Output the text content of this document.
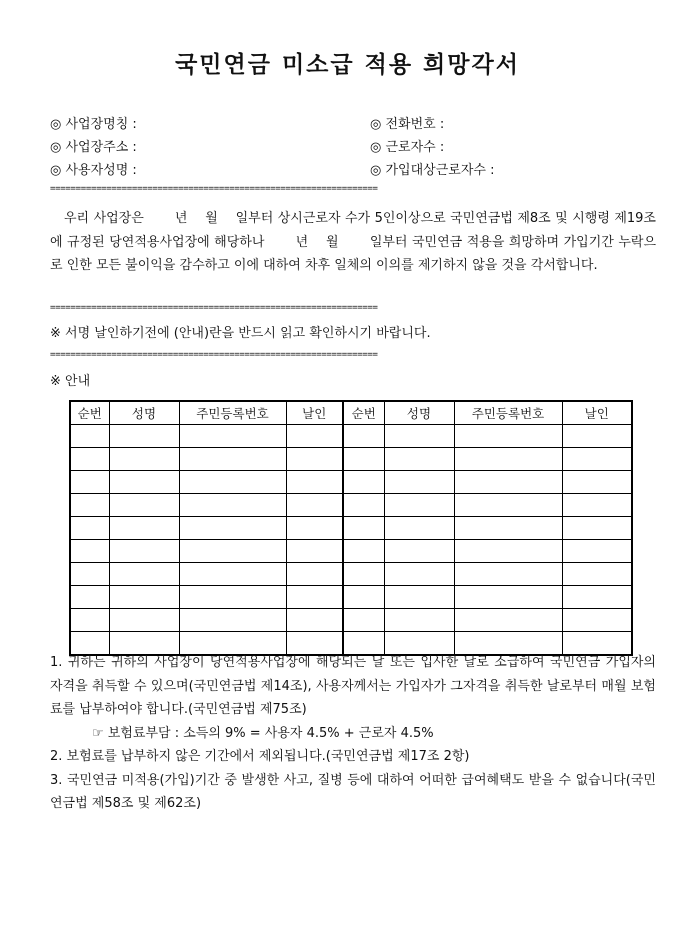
국민연금 미소급 적용 희망각서
◎ 사업장명칭 :	◎ 전화번호 :
◎ 사업장주소 :	◎ 근로자수 :
◎ 사용자성명 :	◎ 가입대상근로자수 :
================================================================
우리 사업장은 　　년 　월 　일부터 상시근로자 수가 5인이상으로 국민연금법 제8조 및 시행령 제19조에 규정된 당연적용사업장에 해당하나 　　년 　월 　　일부터 국민연금 적용을 희망하며 가입기간 누락으로 인한 모든 불이익을 감수하고 이에 대하여 차후 일체의 이의를 제기하지 않을 것을 각서합니다.
================================================================
※ 서명 날인하기전에 (안내)란을 반드시 읽고 확인하시기 바랍니다.
================================================================
※ 안내
순번	성명	주민등록번호	날인	순번	성명	주민등록번호	날인

1. 귀하는 귀하의 사업장이 당연적용사업장에 해당되는 날 또는 입사한 날로 소급하여 국민연금 가입자의 자격을 취득할 수 있으며(국민연금법 제14조), 사용자께서는 가입자가 그자격을 취득한 날로부터 매월 보험료를 납부하여야 합니다.(국민연금법 제75조)

☞ 보험료부담 : 소득의 9% = 사용자 4.5% + 근로자 4.5%

2. 보험료를 납부하지 않은 기간에서 제외됩니다.(국민연금법 제17조 2항)

3. 국민연금 미적용(가입)기간 중 발생한 사고, 질병 등에 대하여 어떠한 급여혜택도 받을 수 없습니다(국민연금법 제58조 및 제62조)
